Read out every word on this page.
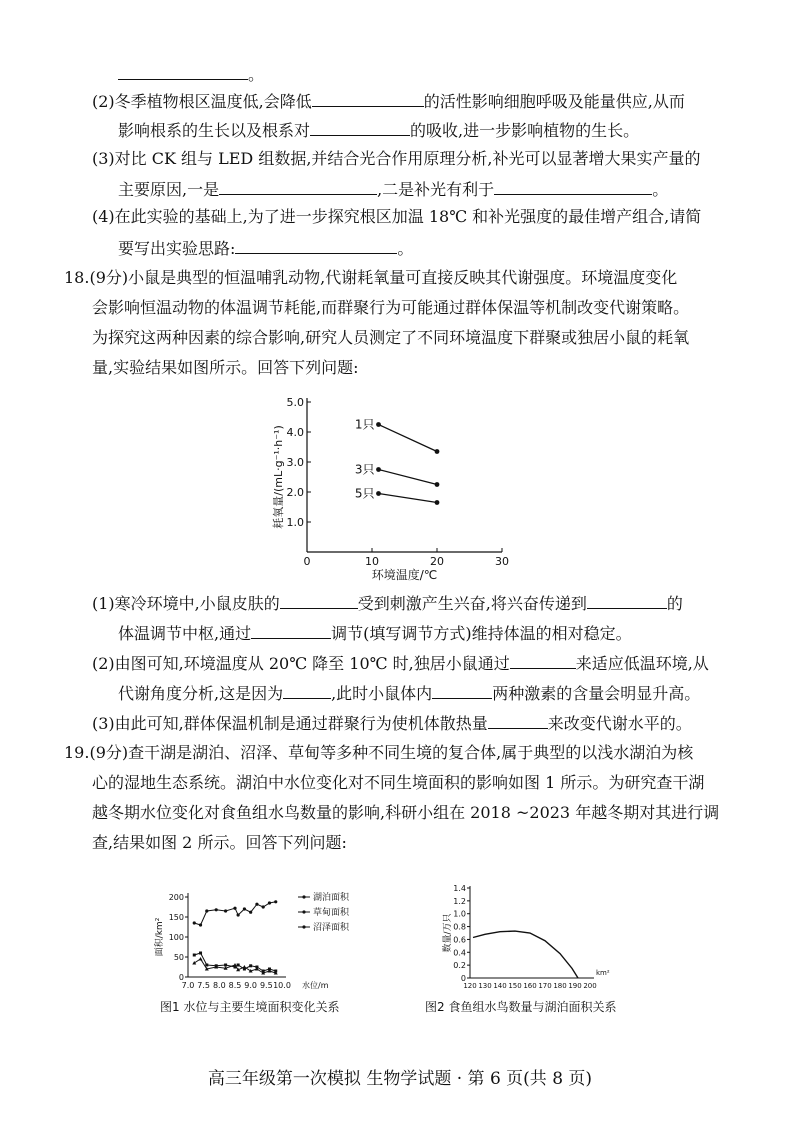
。
(2)冬季植物根区温度低,会降低	的活性影响细胞呼吸及能量供应,从而
影响根系的生长以及根系对	的吸收,进一步影响植物的生长。
(3)对比 CK 组与 LED 组数据,并结合光合作用原理分析,补光可以显著增大果实产量的
主要原因,一是	,二是补光有利于	。
(4)在此实验的基础上,为了进一步探究根区加温 18℃ 和补光强度的最佳增产组合,请简
要写出实验思路:	。
18.(9分)小鼠是典型的恒温哺乳动物,代谢耗氧量可直接反映其代谢强度。环境温度变化
会影响恒温动物的体温调节耗能,而群聚行为可能通过群体保温等机制改变代谢策略。
为探究这两种因素的综合影响,研究人员测定了不同环境温度下群聚或独居小鼠的耗氧
量,实验结果如图所示。回答下列问题:
1.0
2.0
3.0
4.0
5.0
0	10	20	30
环境温度/℃
耗氧量/(mL·g⁻¹·h⁻¹)
1只
3只
5只
(1)寒冷环境中,小鼠皮肤的	受到刺激产生兴奋,将兴奋传递到	的
体温调节中枢,通过	调节(填写调节方式)维持体温的相对稳定。
(2)由图可知,环境温度从 20℃ 降至 10℃ 时,独居小鼠通过	来适应低温环境,从
代谢角度分析,这是因为	,此时小鼠体内	两种激素的含量会明显升高。
(3)由此可知,群体保温机制是通过群聚行为使机体散热量	来改变代谢水平的。
19.(9分)查干湖是湖泊、沼泽、草甸等多种不同生境的复合体,属于典型的以浅水湖泊为核
心的湿地生态系统。湖泊中水位变化对不同生境面积的影响如图 1 所示。为研究查干湖
越冬期水位变化对食鱼组水鸟数量的影响,科研小组在 2018 ~2023 年越冬期对其进行调
查,结果如图 2 所示。回答下列问题:
0
50
100
150
200
7.0 7.5 8.0 8.5 9.0 9.5 10.0 水位/m
面积/km²
湖泊面积
草甸面积
沼泽面积
图1 水位与主要生境面积变化关系
0
0.2
0.4
0.6
0.8
1.0
1.2
1.4
120 130 140 150 160 170 180 190 200
km²
数量/万只
图2 食鱼组水鸟数量与湖泊面积关系
高三年级第一次模拟 生物学试题 · 第 6 页(共 8 页)
